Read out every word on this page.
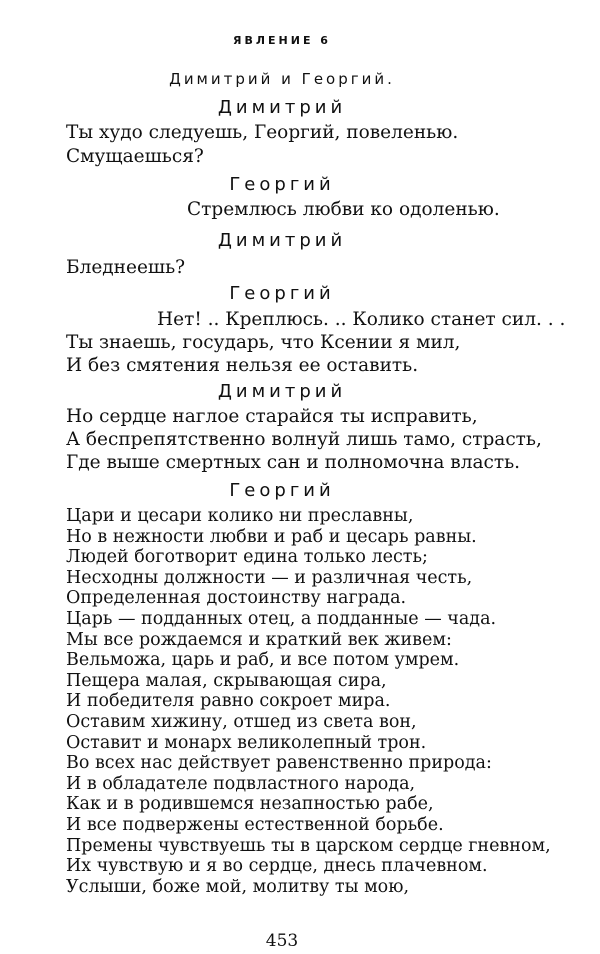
ЯВЛЕНИЕ 6
Димитрий и Георгий.
Димитрий
Ты худо следуешь, Георгий, повеленью.
Смущаешься?
Георгий
Стремлюсь любви ко одоленью.
Димитрий
Бледнеешь?
Георгий
Нет! .. Креплюсь. .. Колико станет сил. . .
Ты знаешь, государь, что Ксении я мил,
И без смятения нельзя ее оставить.
Димитрий
Но сердце наглое старайся ты исправить,
А беспрепятственно волнуй лишь тамо, страсть,
Где выше смертных сан и полномочна власть.
Георгий
Цари и цесари колико ни преславны,
Но в нежности любви и раб и цесарь равны.
Людей боготворит едина только лесть;
Несходны должности — и различная честь,
Определенная достоинству награда.
Царь — подданных отец, а подданные — чада.
Мы все рождаемся и краткий век живем:
Вельможа, царь и раб, и все потом умрем.
Пещера малая, скрывающая сира,
И победителя равно сокроет мира.
Оставим хижину, отшед из света вон,
Оставит и монарх великолепный трон.
Во всех нас действует равенственно природа:
И в обладателе подвластного народа,
Как и в родившемся незапностью рабе,
И все подвержены естественной борьбе.
Премены чувствуешь ты в царском сердце гневном,
Их чувствую и я во сердце, днесь плачевном.
Услыши, боже мой, молитву ты мою,
453
